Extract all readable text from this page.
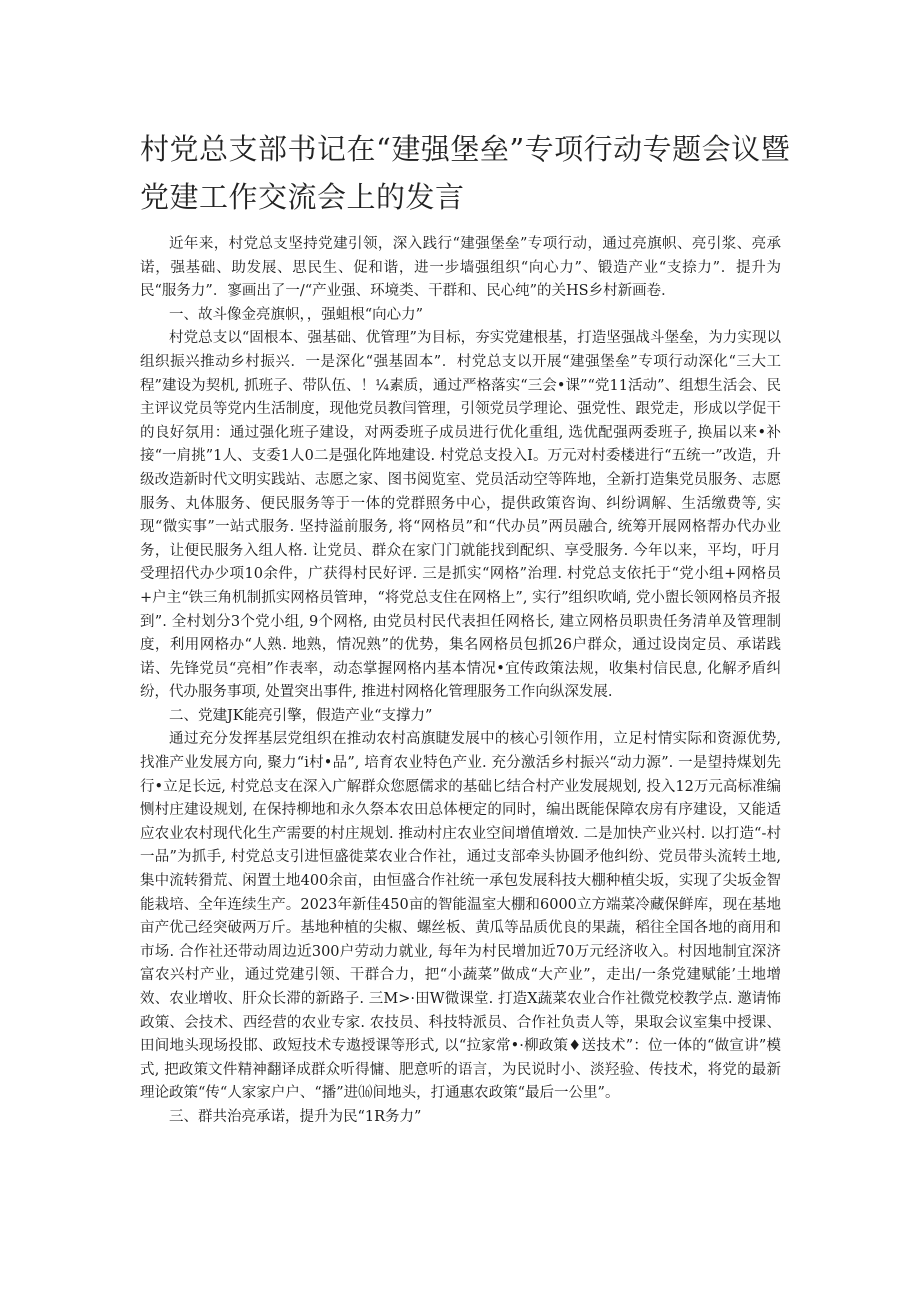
村党总支部书记在“建强堡垒”专项行动专题会议暨党建工作交流会上的发言

近年来，村党总支坚持党建引领，深入践行“建强堡垒”专项行动，通过亮旗帜、亮引浆、亮承诺，强基础、助发展、思民生、促和谐，进一步墙强组织“向心力”、锻造产业“支捺力”．提升为民“服务力”．寥画出了一/“产业强、环境类、干群和、民心纯”的关HS乡村新画卷．

一、故斗像金亮旗帜，，强蛆根“向心力”

村党总支以“固根本、强基础、优管理”为目标，夯实党建根基，打造坚强战斗堡垒，为力实现以组织振兴推动乡村振兴．一是深化“强基固本”．村党总支以开展“建强堡垒”专项行动深化“三大工程”建设为契机, 抓班子、带队伍、！¼素质，通过严格落实“三会•课”“党11活动”、组想生活会、民主评议党员等党内生活制度，现他党员教闫管理，引领党员学理论、强党性、跟党走，形成以学促干的良好氛用：通过强化班子建设，对两委班子成员进行优化重组, 选优配强两委班子, 换届以来•补接“一肩挑”1人、支委1人0二是强化阵地建设. 村党总支投入I。万元对村委楼进行“五统一”改造，升级改造新时代文明实践站、志愿之家、图书阅览室、党员活动空等阵地，全新打造集党员服务、志愿服务、丸体服务、便民服务等于一体的党群照务中心，提供政策咨询、纠纷调解、生活缴费等, 实现“微实事”一站式服务. 坚持溢前服务, 将“网格员”和“代办员”两员融合, 统筹开展网格帮办代办业务，让便民服务入组人格. 让党员、群众在家门门就能找到配织、享受服务. 今年以来，平均，吁月受理招代办少项10余件，广获得村民好评. 三是抓实“网格”治理. 村党总支依托于“党小组+网格员+户主“铁三角机制抓实网格员管珅，“将党总支住在网格上”, 实行”组织吹峭, 党小盥长领网格员齐报到”. 全村划分3个党小组, 9个网格, 由党员村民代表担任网格长, 建立网格员职贵任务清单及管理制度，利用网格办“人熟. 地熟，情况熟”的优势，集名网格员包抓26户群众，通过设岗定员、承诺践诺、先锋党员“亮相”作表率，动态掌握网格内基本情况•宜传政策法规，收集村信民息, 化解矛盾纠纷，代办服务事项, 处置突出事件, 推进村网格化管理服务工作向纵深发展.

二、党建JK能亮引擎，假造产业“支撑力”

通过充分发挥基层党组织在推动农村高旗睫发展中的核心引领作用，立足村情实际和资源优势, 找准产业发展方向, 聚力“i村•品”, 培育农业特色产业. 充分激活乡村振兴“动力源”. 一是望持煤划先行•立足长远, 村党总支在深入广解群众您愿儒求的基础匕结合村产业发展规划, 投入12万元高标准编恻村庄建设规划, 在保持柳地和永久祭本农田总体梗定的同时，编出既能保障农房有序建设，又能适应农业农村现代化生产需要的村庄规划. 推动村庄农业空间增值增效. 二是加快产业兴村. 以打造“-村一品”为抓手, 村党总支引进恒盛徙菜农业合作社，通过支部牵头协圓矛他纠纷、党员带头流转土地, 集中流转猾荒、闲置土地400余亩，由恒盛合作社统一承包发展科技大棚种植尖坂，实现了尖坂金智能栽培、全年连续生产。2023年新佳450亩的智能温室大棚和6000立方端菜冷藏保鲜库，现在基地亩产优己经突破两万斤。基地种植的尖椒、螺丝板、黄瓜等品质优良的果蔬，稻往全国各地的商用和市场. 合作社还带动周边近300户劳动力就业, 每年为村民增加近70万元经济收入。村因地制宜深济富农兴村产业，通过党建引领、干群合力，把“小蔬菜”做成“大产业”，走出/一条党建赋能’土地增效、农业增收、肝众长滞的新路子. 三M>·田W微课堂. 打造X蔬菜农业合作社微党校教学点. 邀请怖政策、会技术、西经营的农业专家. 农技员、科技特派员、合作社负责人等，果取会议室集中授课、田间地头现场投邯、政短技术专遨授课等形式, 以“拉家常•·柳政策♦送技术”：位一体的“做宣讲”模式, 把政策文件精神翻译成群众听得慵、肥意听的语言，为民说时小、淡羟验、传技术，将党的最新理论政策“传“人家家户户、“播”进⒃间地头，打通惠农政策“最后一公里”。

三、群共治亮承诺，提升为民“1R务力”
